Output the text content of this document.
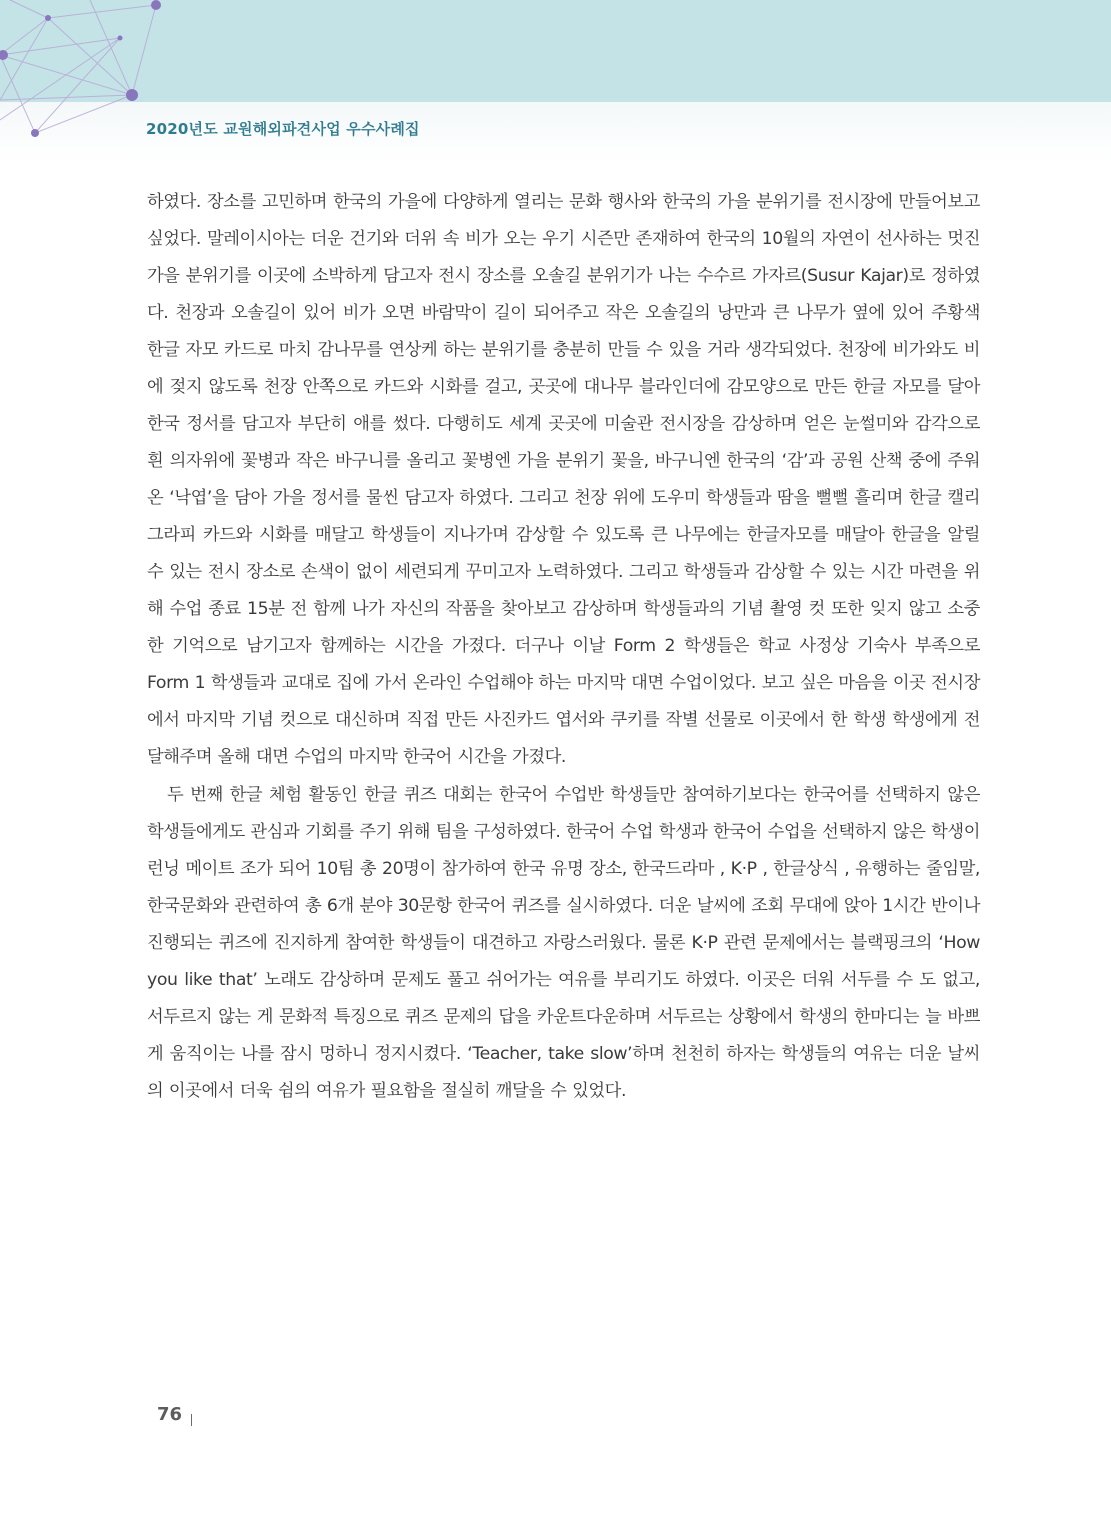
2020년도 교원해외파견사업 우수사례집

하였다. 장소를 고민하며 한국의 가을에 다양하게 열리는 문화 행사와 한국의 가을 분위기를 전시장에 만들어보고 싶었다. 말레이시아는 더운 건기와 더위 속 비가 오는 우기 시즌만 존재하여 한국의 10월의 자연이 선사하는 멋진 가을 분위기를 이곳에 소박하게 담고자 전시 장소를 오솔길 분위기가 나는 수수르 가자르(Susur Kajar)로 정하였다. 천장과 오솔길이 있어 비가 오면 바람막이 길이 되어주고 작은 오솔길의 낭만과 큰 나무가 옆에 있어 주황색 한글 자모 카드로 마치 감나무를 연상케 하는 분위기를 충분히 만들 수 있을 거라 생각되었다. 천장에 비가와도 비에 젖지 않도록 천장 안쪽으로 카드와 시화를 걸고, 곳곳에 대나무 블라인더에 감모양으로 만든 한글 자모를 달아 한국 정서를 담고자 부단히 애를 썼다. 다행히도 세계 곳곳에 미술관 전시장을 감상하며 얻은 눈썰미와 감각으로 흰 의자위에 꽃병과 작은 바구니를 올리고 꽃병엔 가을 분위기 꽃을, 바구니엔 한국의 ‘감’과 공원 산책 중에 주워온 ‘낙엽’을 담아 가을 정서를 물씬 담고자 하였다. 그리고 천장 위에 도우미 학생들과 땀을 뻘뻘 흘리며 한글 캘리그라피 카드와 시화를 매달고 학생들이 지나가며 감상할 수 있도록 큰 나무에는 한글자모를 매달아 한글을 알릴 수 있는 전시 장소로 손색이 없이 세련되게 꾸미고자 노력하였다. 그리고 학생들과 감상할 수 있는 시간 마련을 위해 수업 종료 15분 전 함께 나가 자신의 작품을 찾아보고 감상하며 학생들과의 기념 촬영 컷 또한 잊지 않고 소중한 기억으로 남기고자 함께하는 시간을 가졌다. 더구나 이날 Form 2 학생들은 학교 사정상 기숙사 부족으로 Form 1 학생들과 교대로 집에 가서 온라인 수업해야 하는 마지막 대면 수업이었다. 보고 싶은 마음을 이곳 전시장에서 마지막 기념 컷으로 대신하며 직접 만든 사진카드 엽서와 쿠키를 작별 선물로 이곳에서 한 학생 학생에게 전달해주며 올해 대면 수업의 마지막 한국어 시간을 가졌다.

두 번째 한글 체험 활동인 한글 퀴즈 대회는 한국어 수업반 학생들만 참여하기보다는 한국어를 선택하지 않은 학생들에게도 관심과 기회를 주기 위해 팀을 구성하였다. 한국어 수업 학생과 한국어 수업을 선택하지 않은 학생이 런닝 메이트 조가 되어 10팀 총 20명이 참가하여 한국 유명 장소, 한국드라마 , K·P , 한글상식 , 유행하는 줄임말, 한국문화와 관련하여 총 6개 분야 30문항 한국어 퀴즈를 실시하였다. 더운 날씨에 조회 무대에 앉아 1시간 반이나 진행되는 퀴즈에 진지하게 참여한 학생들이 대견하고 자랑스러웠다. 물론 K·P 관련 문제에서는 블랙핑크의 ‘How you like that’ 노래도 감상하며 문제도 풀고 쉬어가는 여유를 부리기도 하였다. 이곳은 더워 서두를 수 도 없고, 서두르지 않는 게 문화적 특징으로 퀴즈 문제의 답을 카운트다운하며 서두르는 상황에서 학생의 한마디는 늘 바쁘게 움직이는 나를 잠시 멍하니 정지시켰다. ‘Teacher, take slow’하며 천천히 하자는 학생들의 여유는 더운 날씨의 이곳에서 더욱 쉼의 여유가 필요함을 절실히 깨달을 수 있었다.

76
